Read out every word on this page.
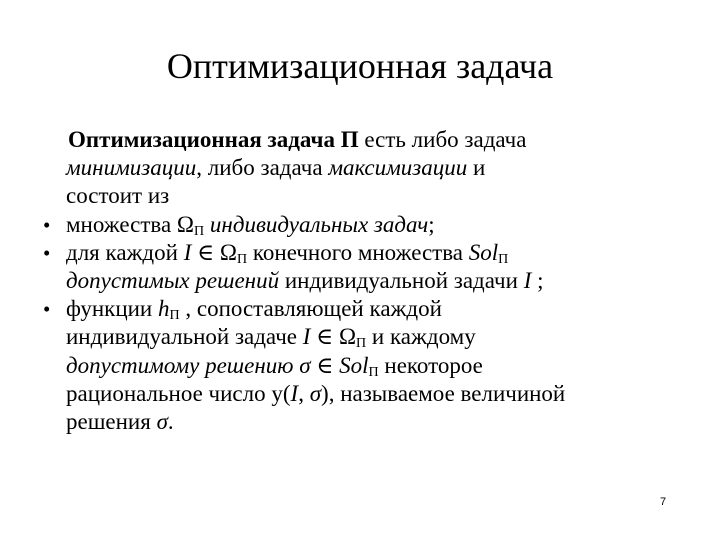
Оптимизационная задача

Оптимизационная задача П есть либо задача
минимизации, либо задача максимизации и
состоит из

• множества $\Omega_П$ индивидуальных задач;
• для каждой I ∈ $\Omega_П$ конечного множества Sol$_П$
допустимых решений индивидуальной задачи I ;
• функции $h_П$ , сопоставляющей каждой
индивидуальной задаче I ∈ $\Omega_П$ и каждому
допустимому решению σ ∈ Sol$_П$ некоторое
рациональное число у(I, σ), называемое величиной
решения σ.
7
